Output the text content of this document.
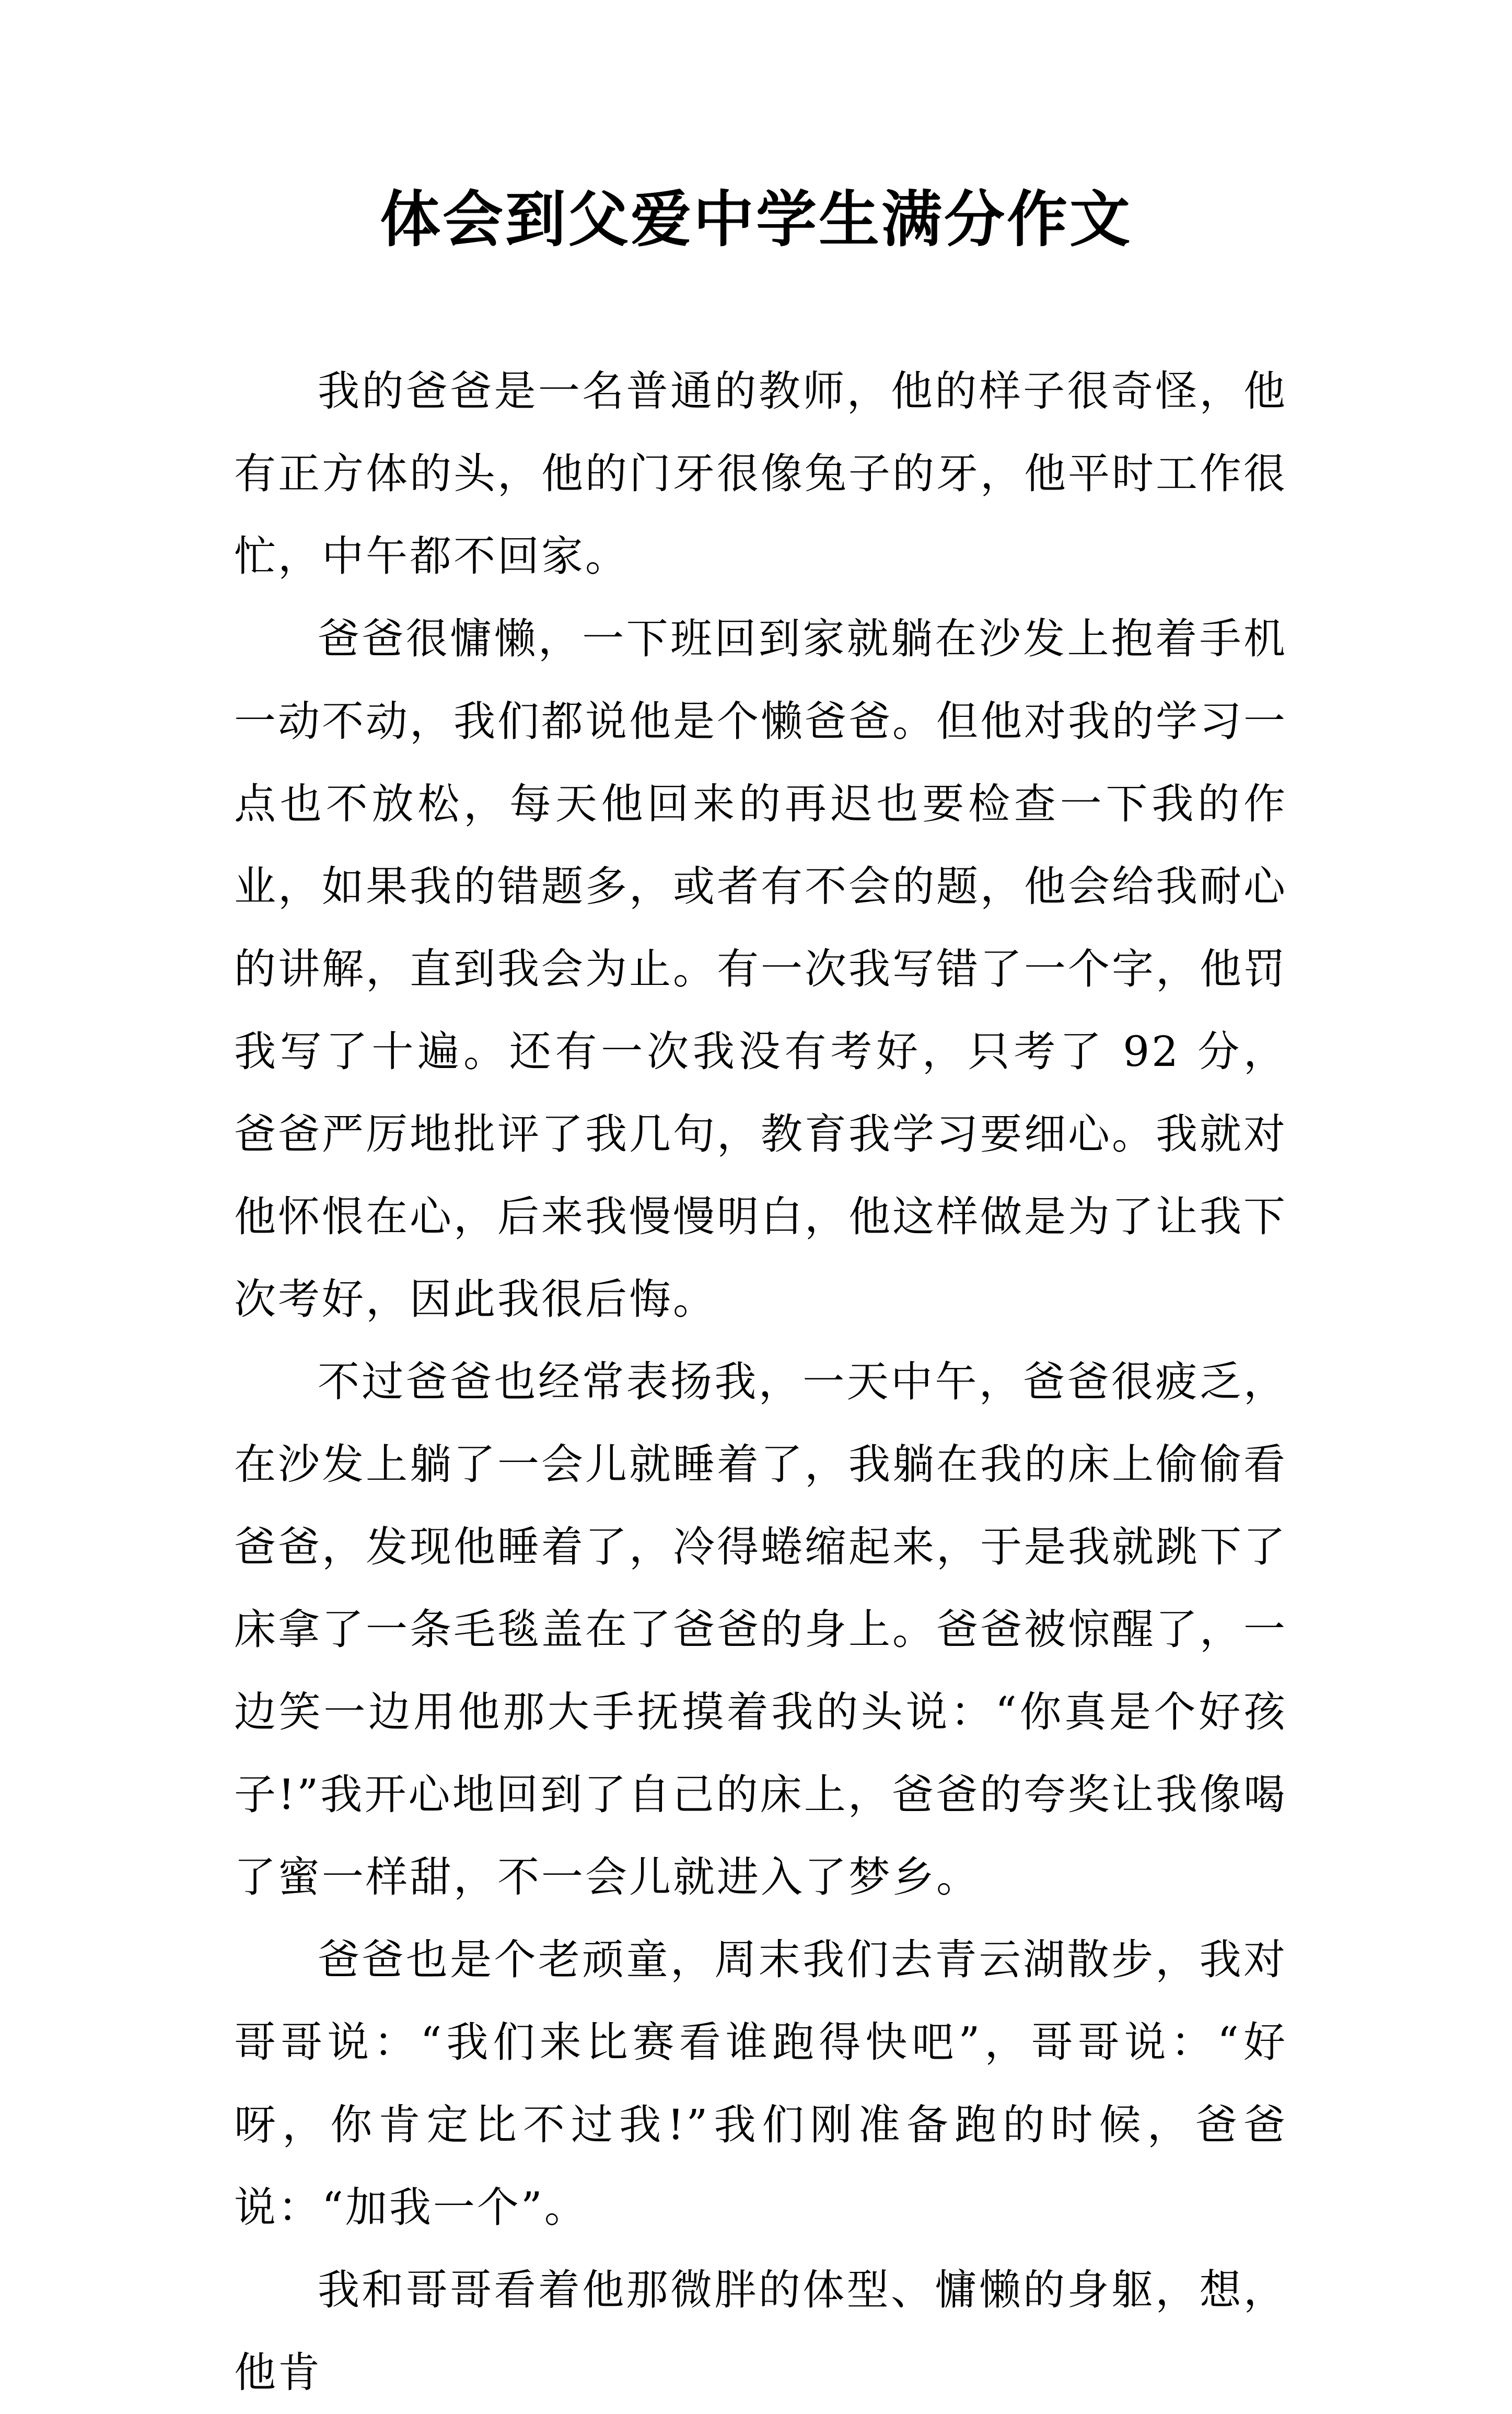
体会到父爱中学生满分作文

我的爸爸是一名普通的教师，他的样子很奇怪，他有正方体的头，他的门牙很像兔子的牙，他平时工作很忙，中午都不回家。

爸爸很慵懒，一下班回到家就躺在沙发上抱着手机一动不动，我们都说他是个懒爸爸。但他对我的学习一点也不放松，每天他回来的再迟也要检查一下我的作业，如果我的错题多，或者有不会的题，他会给我耐心的讲解，直到我会为止。有一次我写错了一个字，他罚我写了十遍。还有一次我没有考好，只考了 92 分，爸爸严厉地批评了我几句，教育我学习要细心。我就对他怀恨在心，后来我慢慢明白，他这样做是为了让我下次考好，因此我很后悔。

不过爸爸也经常表扬我，一天中午，爸爸很疲乏，在沙发上躺了一会儿就睡着了，我躺在我的床上偷偷看爸爸，发现他睡着了，冷得蜷缩起来，于是我就跳下了床拿了一条毛毯盖在了爸爸的身上。爸爸被惊醒了，一边笑一边用他那大手抚摸着我的头说：“你真是个好孩子!”我开心地回到了自己的床上，爸爸的夸奖让我像喝了蜜一样甜，不一会儿就进入了梦乡。

爸爸也是个老顽童，周末我们去青云湖散步，我对哥哥说：“我们来比赛看谁跑得快吧”，哥哥说：“好呀，你肯定比不过我!”我们刚准备跑的时候，爸爸说：“加我一个”。

我和哥哥看着他那微胖的体型、慵懒的身躯，想，他肯
